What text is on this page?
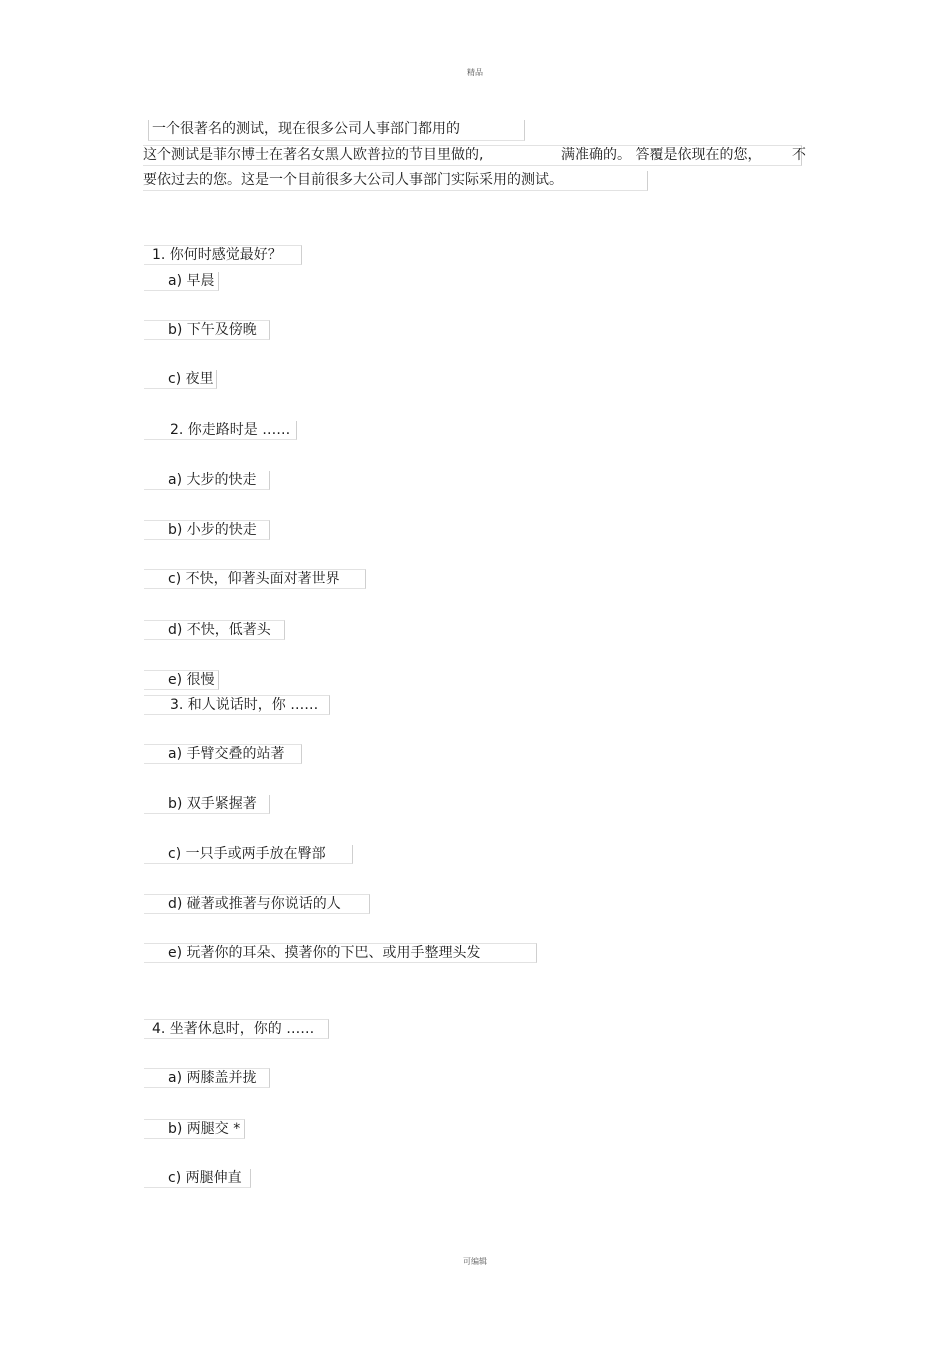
精品
一个很著名的测试，现在很多公司人事部门都用的
这个测试是菲尔博士在著名女黑人欧普拉的节目里做的,	满准确的。 答覆是依现在的您， 不
要依过去的您。这是一个目前很多大公司人事部门实际采用的测试。
1. 你何时感觉最好？
a) 早晨
b) 下午及傍晚
c) 夜里
2. 你走路时是 ……
a) 大步的快走
b) 小步的快走
c) 不快，仰著头面对著世界
d) 不快，低著头
e) 很慢
3. 和人说话时，你 ……
a) 手臂交叠的站著
b) 双手紧握著
c) 一只手或两手放在臀部
d) 碰著或推著与你说话的人
e) 玩著你的耳朵、摸著你的下巴、或用手整理头发
4. 坐著休息时，你的 ……
a) 两膝盖并拢
b) 两腿交 *
c) 两腿伸直
可编辑
